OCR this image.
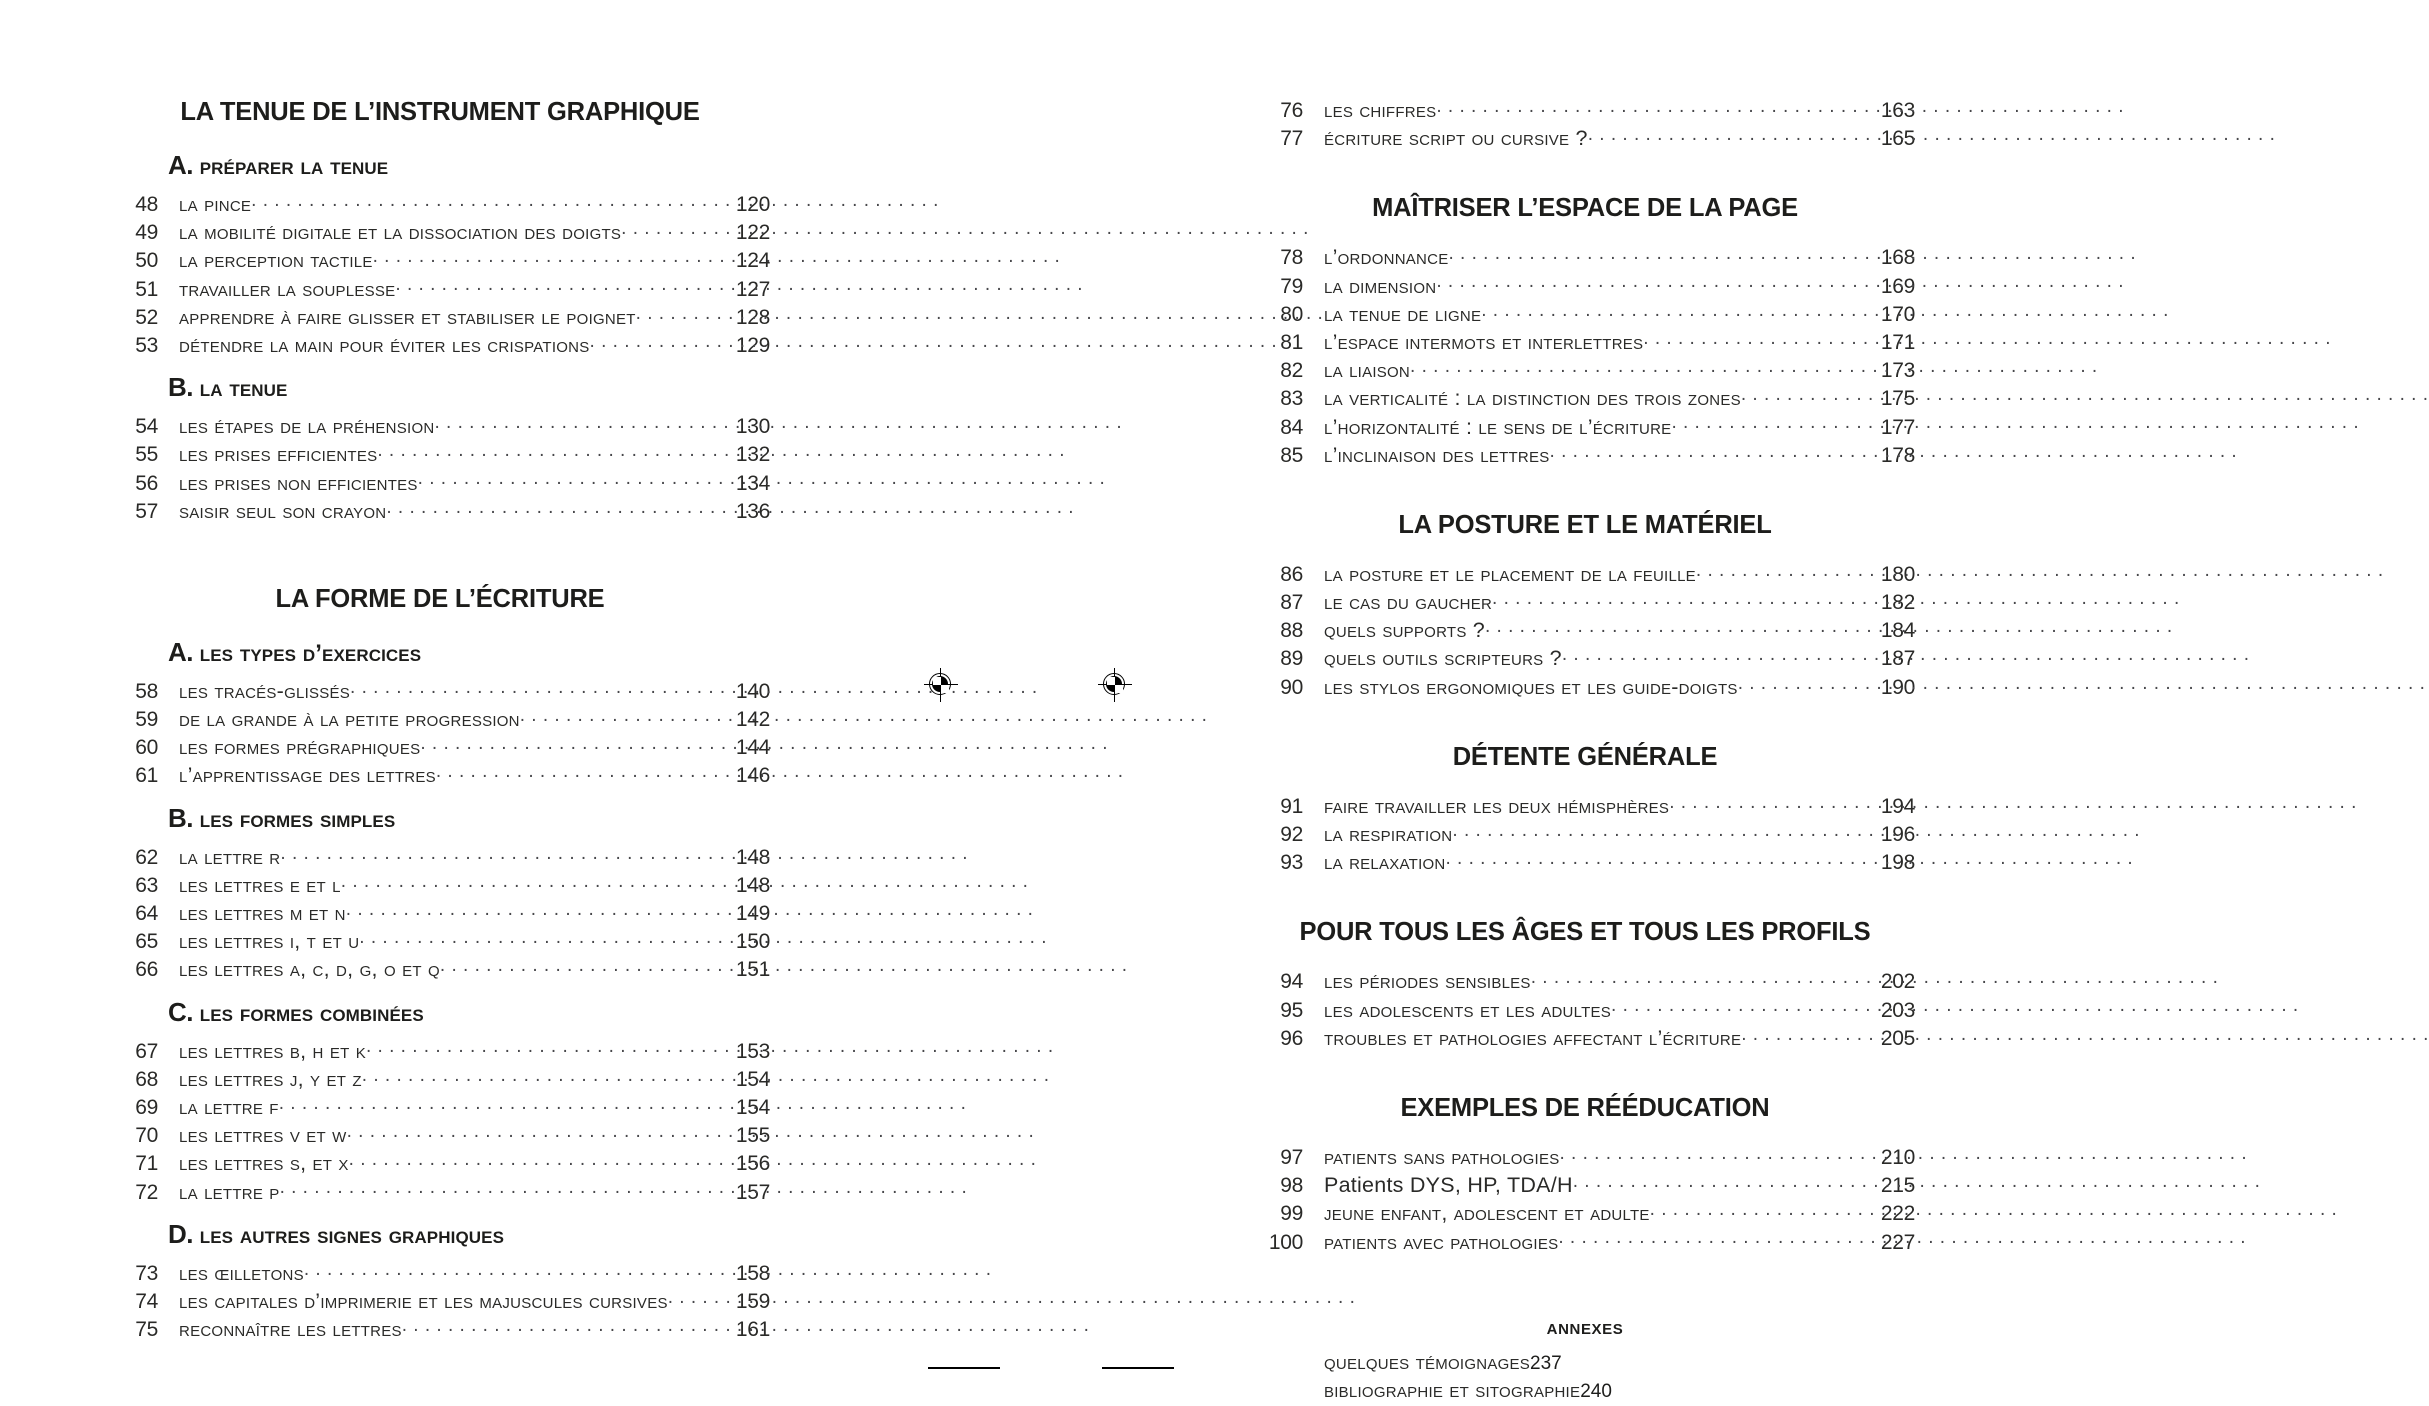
LA TENUE DE L’INSTRUMENT GRAPHIQUE
A. préparer la tenue
48 la pince . . .	120
49 la mobilité digitale et la dissociation des doigts . . .	122
50 la perception tactile . . .	124
51 travailler la souplesse . . .	127
52 apprendre à faire glisser et stabiliser le poignet . . .	128
53 détendre la main pour éviter les crispations . . .	129
B. la tenue
54 les étapes de la préhension . . .	130
55 les prises efficientes . . .	132
56 les prises non efficientes . . .	134
57 saisir seul son crayon . . .	136
LA FORME DE L’ÉCRITURE
A. les types d’exercices
58 les tracés-glissés . . .	140
59 de la grande à la petite progression . . .	142
60 les formes prégraphiques . . .	144
61 l’apprentissage des lettres . . .	146
B. les formes simples
62 la lettre r . . .	148
63 les lettres e et l . . .	148
64 les lettres m et n . . .	149
65 les lettres i, t et u . . .	150
66 les lettres a, c, d, g, o et q . . .	151
C. les formes combinées
67 les lettres b, h et k . . .	153
68 les lettres j, y et z . . .	154
69 la lettre f . . .	154
70 les lettres v et w . . .	155
71 les lettres s, et x . . .	156
72 la lettre p . . .	157
D. les autres signes graphiques
73 les œilletons . . .	158
74 les capitales d’imprimerie et les majuscules cursives . . .	159
75 reconnaître les lettres . . .	161
76 les chiffres . . .	163
77 écriture script ou cursive ? . . .	165
MAÎTRISER L’ESPACE DE LA PAGE
78 l’ordonnance . . .	168
79 la dimension . . .	169
80 la tenue de ligne . . .	170
81 l’espace intermots et interlettres . . .	171
82 la liaison . . .	173
83 la verticalité : la distinction des trois zones . . .	175
84 l’horizontalité : le sens de l’écriture . . .	177
85 l’inclinaison des lettres . . .	178
LA POSTURE ET LE MATÉRIEL
86 la posture et le placement de la feuille . . .	180
87 le cas du gaucher . . .	182
88 quels supports ? . . .	184
89 quels outils scripteurs ? . . .	187
90 les stylos ergonomiques et les guide-doigts . . .	190
DÉTENTE GÉNÉRALE
91 faire travailler les deux hémisphères . . .	194
92 la respiration . . .	196
93 la relaxation . . .	198
POUR TOUS LES ÂGES ET TOUS LES PROFILS
94 les périodes sensibles . . .	202
95 les adolescents et les adultes . . .	203
96 troubles et pathologies affectant l’écriture . . .	205
EXEMPLES DE RÉÉDUCATION
97 patients sans pathologies . . .	210
98 Patients DYS, HP, TDA/H . . .	215
99 jeune enfant, adolescent et adulte . . .	222
100 patients avec pathologies . . .	227
annexes
quelques témoignages 237
bibliographie et sitographie 240
